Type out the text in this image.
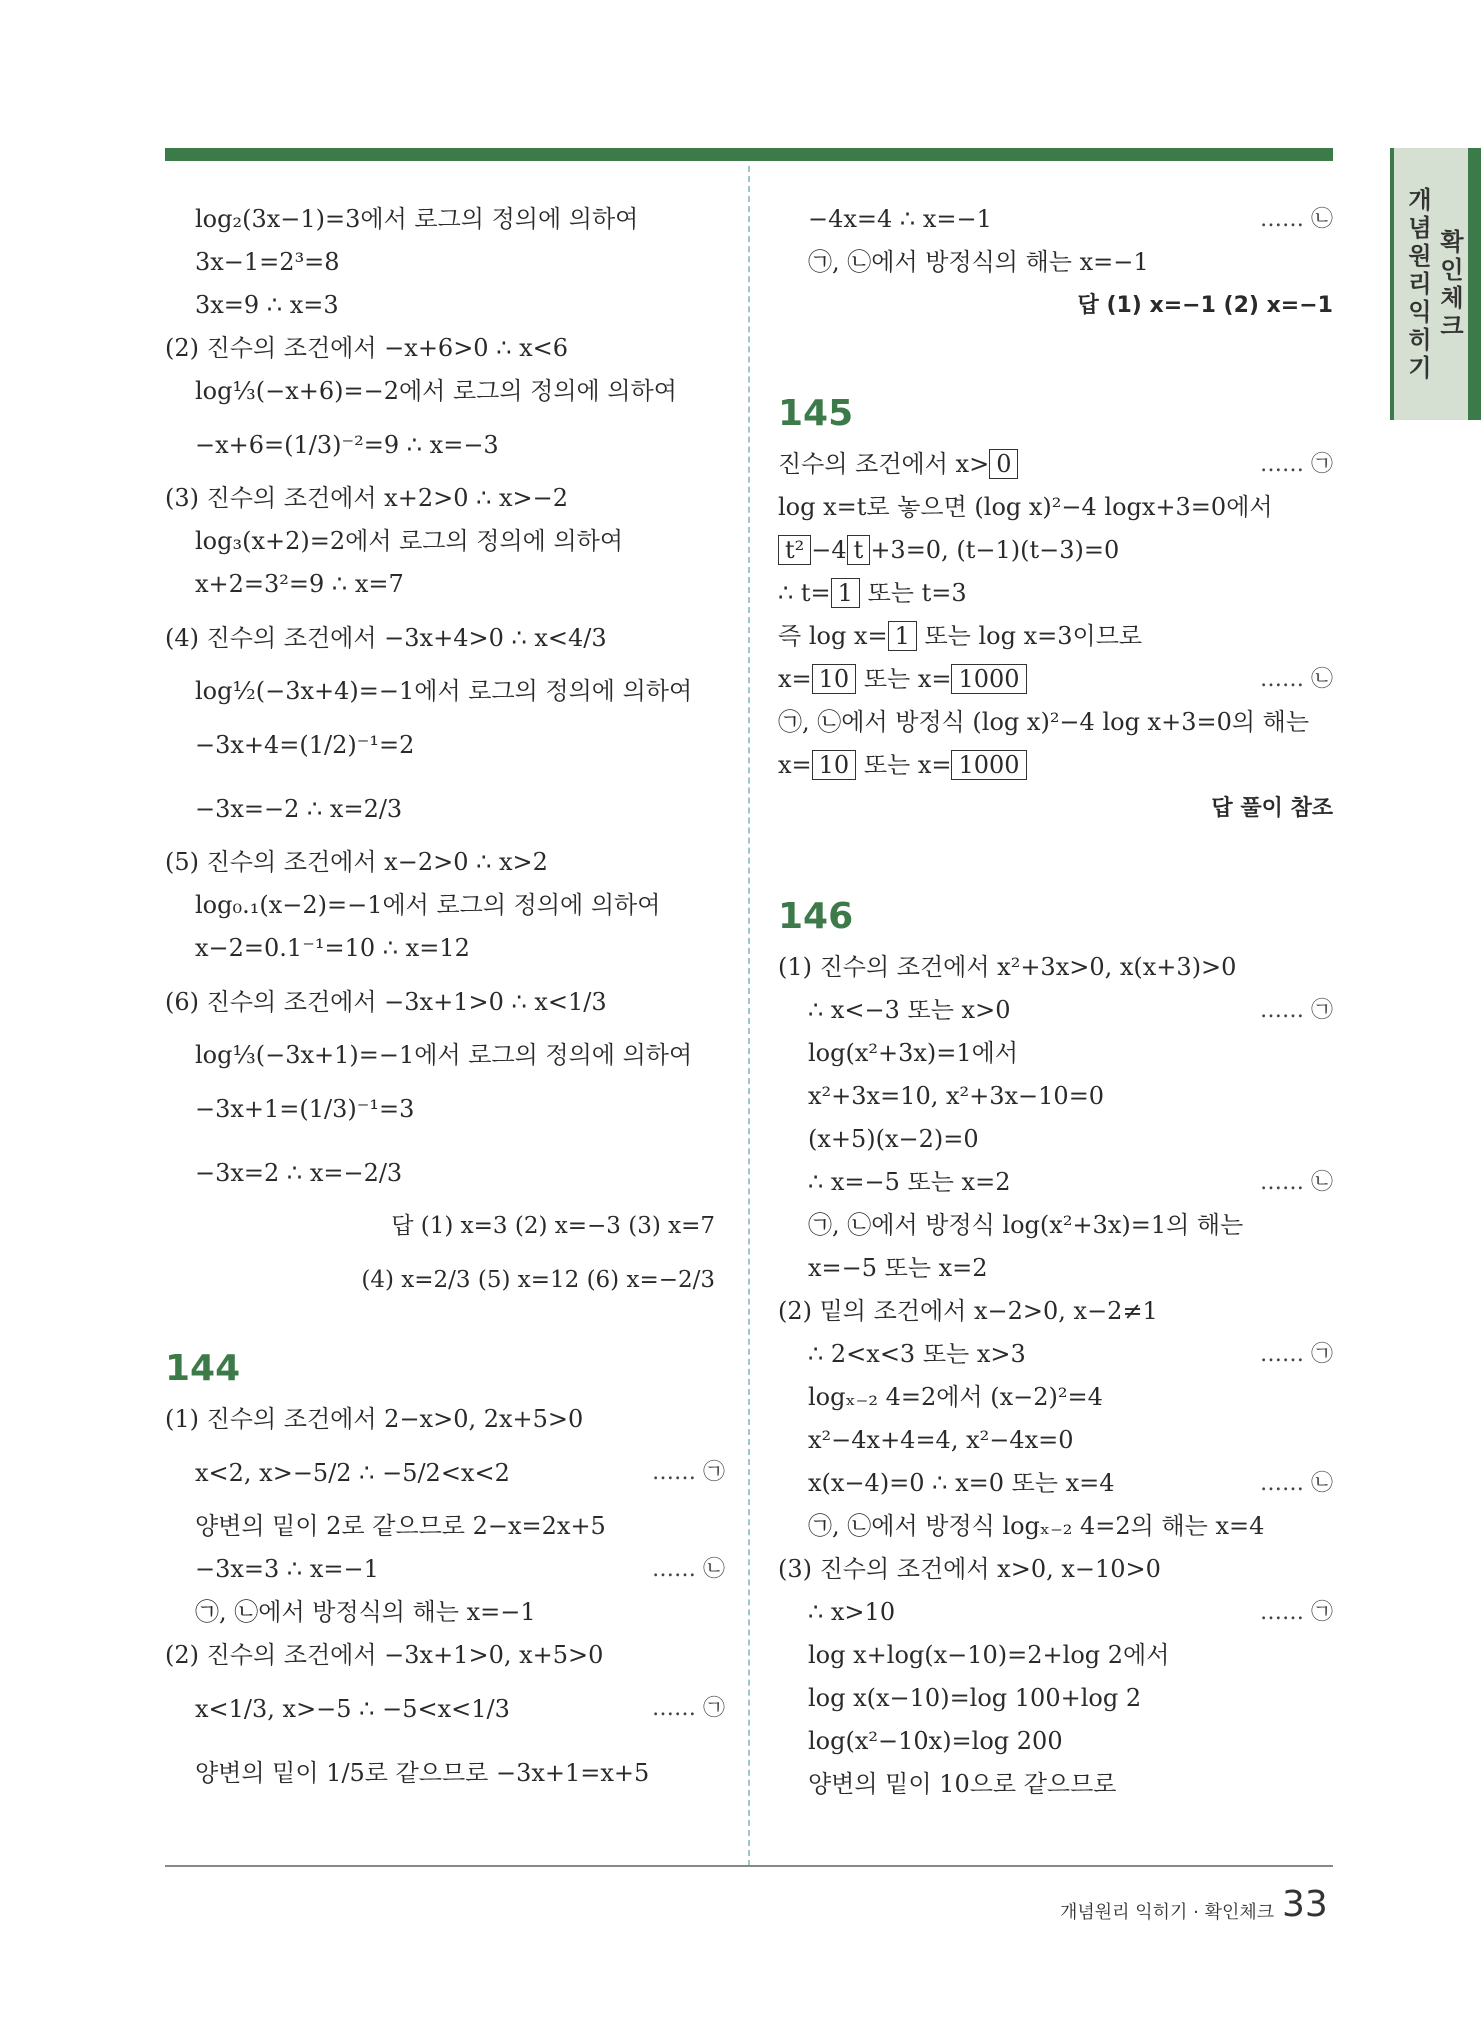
개
념
원
리
익
히
기
확
인
체
크
log₂(3x−1)=3에서 로그의 정의에 의하여
3x−1=2³=8
3x=9 ∴ x=3
(2) 진수의 조건에서 −x+6>0 ∴ x<6
log⅓(−x+6)=−2에서 로그의 정의에 의하여
−x+6=(1/3)⁻²=9 ∴ x=−3
(3) 진수의 조건에서 x+2>0 ∴ x>−2
log₃(x+2)=2에서 로그의 정의에 의하여
x+2=3²=9 ∴ x=7
(4) 진수의 조건에서 −3x+4>0 ∴ x<4/3
log½(−3x+4)=−1에서 로그의 정의에 의하여
−3x+4=(1/2)⁻¹=2
−3x=−2 ∴ x=2/3
(5) 진수의 조건에서 x−2>0 ∴ x>2
log₀.₁(x−2)=−1에서 로그의 정의에 의하여
x−2=0.1⁻¹=10 ∴ x=12
(6) 진수의 조건에서 −3x+1>0 ∴ x<1/3
log⅓(−3x+1)=−1에서 로그의 정의에 의하여
−3x+1=(1/3)⁻¹=3
−3x=2 ∴ x=−2/3
답 (1) x=3 (2) x=−3 (3) x=7
(4) x=2/3 (5) x=12 (6) x=−2/3
144
(1) 진수의 조건에서 2−x>0, 2x+5>0
x<2, x>−5/2 ∴ −5/2<x<2	…… ㉠
양변의 밑이 2로 같으므로 2−x=2x+5
−3x=3 ∴ x=−1	…… ㉡
㉠, ㉡에서 방정식의 해는 x=−1
(2) 진수의 조건에서 −3x+1>0, x+5>0
x<1/3, x>−5 ∴ −5<x<1/3	…… ㉠
양변의 밑이 1/5로 같으므로 −3x+1=x+5
−4x=4 ∴ x=−1	…… ㉡
㉠, ㉡에서 방정식의 해는 x=−1
답 (1) x=−1 (2) x=−1
145
진수의 조건에서 x> 0	…… ㉠
log x=t로 놓으면 (log x)²−4 logx+3=0에서
t² −4 t +3=0, (t−1)(t−3)=0
∴ t= 1 또는 t=3
즉 log x= 1 또는 log x=3이므로
x= 10 또는 x= 1000	…… ㉡
㉠, ㉡에서 방정식 (log x)²−4 log x+3=0의 해는
x= 10 또는 x= 1000
답 풀이 참조
146
(1) 진수의 조건에서 x²+3x>0, x(x+3)>0
∴ x<−3 또는 x>0	…… ㉠
log(x²+3x)=1에서
x²+3x=10, x²+3x−10=0
(x+5)(x−2)=0
∴ x=−5 또는 x=2	…… ㉡
㉠, ㉡에서 방정식 log(x²+3x)=1의 해는
x=−5 또는 x=2
(2) 밑의 조건에서 x−2>0, x−2≠1
∴ 2<x<3 또는 x>3	…… ㉠
logₓ₋₂ 4=2에서 (x−2)²=4
x²−4x+4=4, x²−4x=0
x(x−4)=0 ∴ x=0 또는 x=4	…… ㉡
㉠, ㉡에서 방정식 logₓ₋₂ 4=2의 해는 x=4
(3) 진수의 조건에서 x>0, x−10>0
∴ x>10	…… ㉠
log x+log(x−10)=2+log 2에서
log x(x−10)=log 100+log 2
log(x²−10x)=log 200
양변의 밑이 10으로 같으므로
개념원리 익히기 · 확인체크 33
